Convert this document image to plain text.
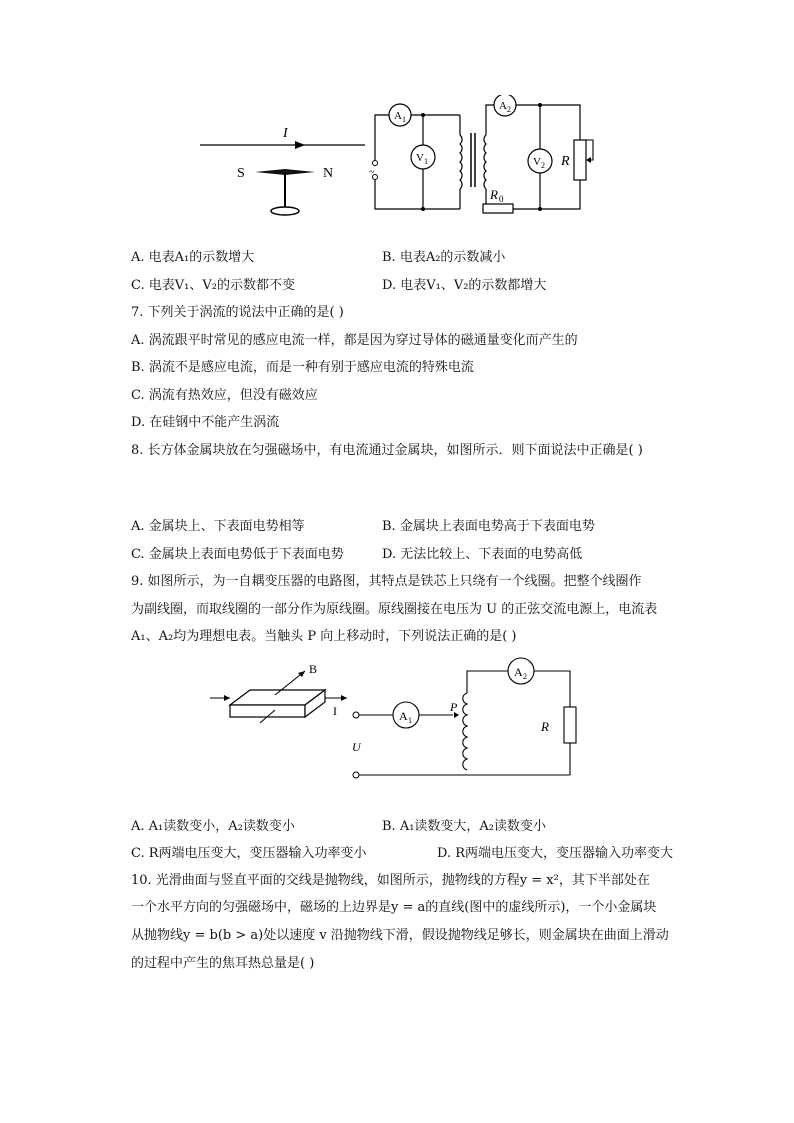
I
S	N	~
A 1
V 1
A 2
V 2
R 0
R
A. 电表A₁的示数增大	B. 电表A₂的示数减小
C. 电表V₁、V₂的示数都不变	D. 电表V₁、V₂的示数都增大
7. 下列关于涡流的说法中正确的是( )
A. 涡流跟平时常见的感应电流一样，都是因为穿过导体的磁通量变化而产生的
B. 涡流不是感应电流，而是一种有别于感应电流的特殊电流
C. 涡流有热效应，但没有磁效应
D. 在硅钢中不能产生涡流
8. 长方体金属块放在匀强磁场中，有电流通过金属块，如图所示．则下面说法中正确是( )
A. 金属块上、下表面电势相等	B. 金属块上表面电势高于下表面电势
C. 金属块上表面电势低于下表面电势	D. 无法比较上、下表面的电势高低
9. 如图所示，为一自耦变压器的电路图，其特点是铁芯上只绕有一个线圈。把整个线圈作
为副线圈，而取线圈的一部分作为原线圈。原线圈接在电压为 U 的正弦交流电源上，电流表
A₁、A₂均为理想电表。当触头 P 向上移动时，下列说法正确的是( )
B
I	A 1
P
U
A 2
R
A. A₁读数变小，A₂读数变小	B. A₁读数变大，A₂读数变小
C. R两端电压变大，变压器输入功率变小	D. R两端电压变大，变压器输入功率变大
10. 光滑曲面与竖直平面的交线是抛物线，如图所示，抛物线的方程y = x²，其下半部处在
一个水平方向的匀强磁场中，磁场的上边界是y = a的直线(图中的虚线所示)，一个小金属块
从抛物线y = b(b > a)处以速度 v 沿抛物线下滑，假设抛物线足够长，则金属块在曲面上滑动
的过程中产生的焦耳热总量是( )
